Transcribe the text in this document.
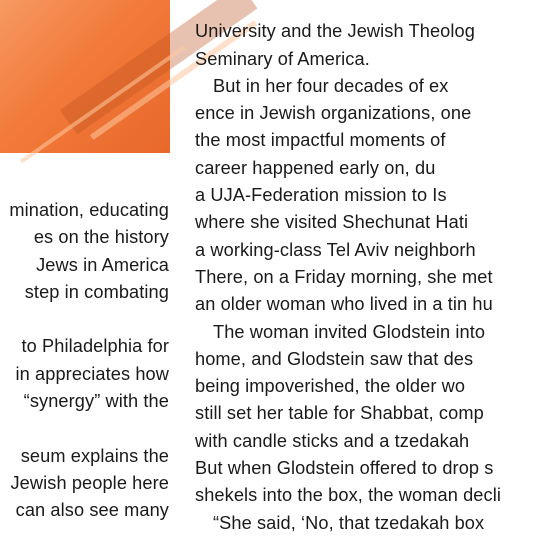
mination, educating
es on the history
Jews in America
step in combating
to Philadelphia for
in appreciates how
“synergy” with the
seum explains the
Jewish people here
can also see many

University and the Jewish Theolog
Seminary of America.
But in her four decades of ex
ence in Jewish organizations, one
the most impactful moments of
career happened early on, du
a UJA-Federation mission to Is
where she visited Shechunat Hati
a working-class Tel Aviv neighborh
There, on a Friday morning, she met
an older woman who lived in a tin hu
The woman invited Glodstein into
home, and Glodstein saw that des
being impoverished, the older wo
still set her table for Shabbat, comp
with candle sticks and a tzedakah
But when Glodstein offered to drop s
shekels into the box, the woman decli
“She said, ‘No, that tzedakah box
